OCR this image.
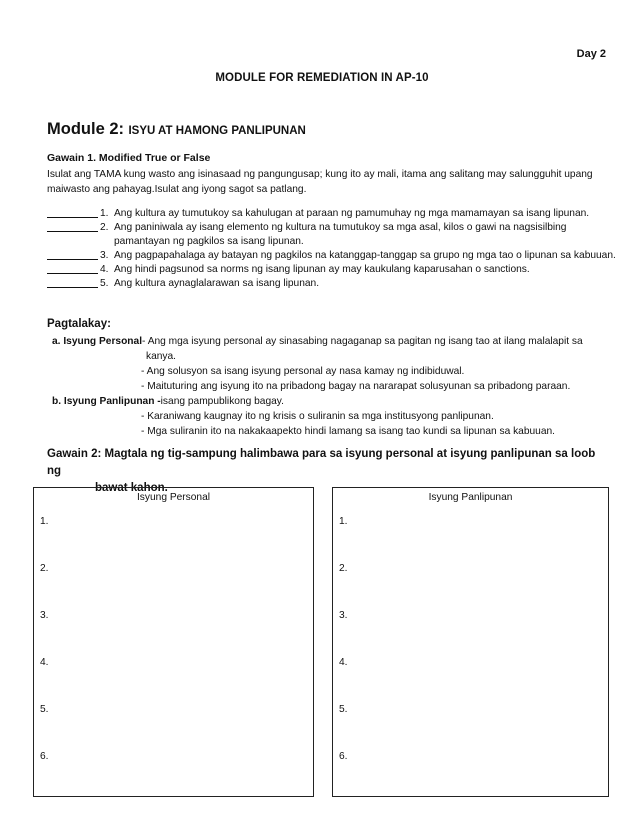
Day 2
MODULE FOR REMEDIATION IN AP-10
Module 2: ISYU AT HAMONG PANLIPUNAN
Gawain 1. Modified True or False
Isulat ang TAMA kung wasto ang isinasaad ng pangungusap; kung ito ay mali, itama ang salitang may salungguhit upang maiwasto ang pahayag.Isulat ang iyong sagot sa patlang.
1. Ang kultura ay tumutukoy sa kahulugan at paraan ng pamumuhay ng mga mamamayan sa isang lipunan.
2. Ang paniniwala ay isang elemento ng kultura na tumutukoy sa mga asal, kilos o gawi na nagsisilbing pamantayan ng pagkilos sa isang lipunan.
3. Ang pagpapahalaga ay batayan ng pagkilos na katanggap-tanggap sa grupo ng mga tao o lipunan sa kabuuan.
4. Ang hindi pagsunod sa norms ng isang lipunan ay may kaukulang kaparusahan o sanctions.
5. Ang kultura aynaglalarawan sa isang lipunan.
Pagtalakay:
a. Isyung Personal - Ang mga isyung personal ay sinasabing nagaganap sa pagitan ng isang tao at ilang malalapit sa
kanya.
- Ang solusyon sa isang isyung personal ay nasa kamay ng indibiduwal.
- Maituturing ang isyung ito na pribadong bagay na nararapat solusyunan sa pribadong paraan.
b. Isyung Panlipunan - isang pampublikong bagay.
- Karaniwang kaugnay ito ng krisis o suliranin sa mga institusyong panlipunan.
- Mga suliranin ito na nakakaapekto hindi lamang sa isang tao kundi sa lipunan sa kabuuan.
Gawain 2: Magtala ng tig-sampung halimbawa para sa isyung personal at isyung panlipunan sa loob ng
bawat kahon.
Isyung Personal
1.
2.
3.
4.
5.
6.
Isyung Panlipunan
1.
2.
3.
4.
5.
6.
